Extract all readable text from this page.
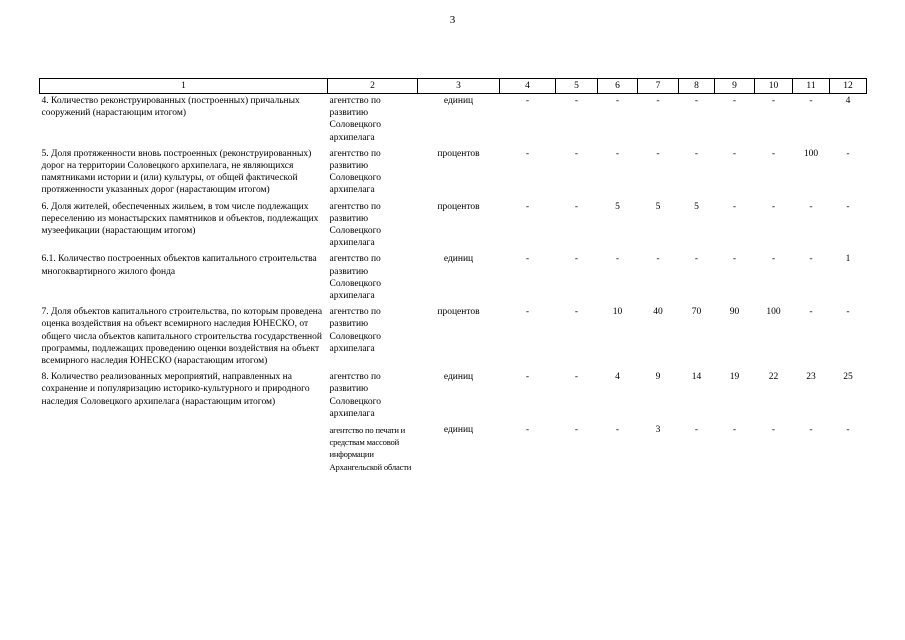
3
1	2	3	4	5	6	7	8	9	10	11	12
4. Количество реконструированных (построенных) причальных сооружений (нарастающим итогом)	агентство по развитию Соловецкого архипелага	единиц	-	-	-	-	-	-	-	-	4
5. Доля протяженности вновь построенных (реконструированных) дорог на территории Соловецкого архипелага, не являющихся памятниками истории и (или) культуры, от общей фактической протяженности указанных дорог (нарастающим итогом)	агентство по развитию Соловецкого архипелага	процентов	-	-	-	-	-	-	-	100	-
6. Доля жителей, обеспеченных жильем, в том числе подлежащих переселению из монастырских памятников и объектов, подлежащих музеефикации (нарастающим итогом)	агентство по развитию Соловецкого архипелага	процентов	-	-	5	5	5	-	-	-	-
6.1. Количество построенных объектов капитального строительства многоквартирного жилого фонда	агентство по развитию Соловецкого архипелага	единиц	-	-	-	-	-	-	-	-	1
7. Доля объектов капитального строительства, по которым проведена оценка воздействия на объект всемирного наследия ЮНЕСКО, от общего числа объектов капитального строительства государственной программы, подлежащих проведению оценки воздействия на объект всемирного наследия ЮНЕСКО (нарастающим итогом)	агентство по развитию Соловецкого архипелага	процентов	-	-	10	40	70	90	100	-	-
8. Количество реализованных мероприятий, направленных на сохранение и популяризацию историко-культурного и природного наследия Соловецкого архипелага (нарастающим итогом)	агентство по развитию Соловецкого архипелага	единиц	-	-	4	9	14	19	22	23	25
	агентство по печати и средствам массовой информации Архангельской области	единиц	-	-	-	3	-	-	-	-	-
